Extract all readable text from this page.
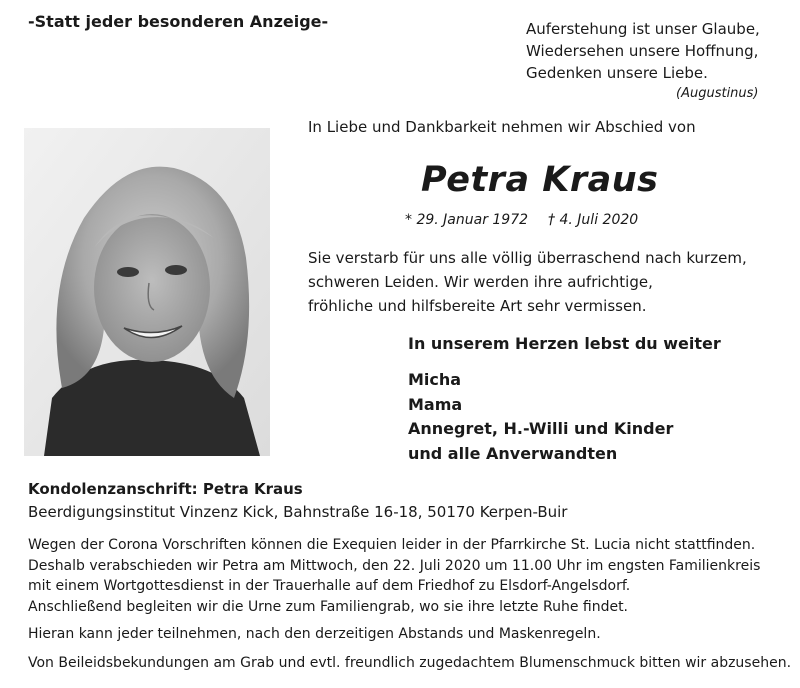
-Statt jeder besonderen Anzeige-	Auferstehung ist unser Glaube,
Wiedersehen unsere Hoffnung,
Gedenken unsere Liebe.
(Augustinus)
In Liebe und Dankbarkeit nehmen wir Abschied von
Petra Kraus
* 29. Januar 1972 † 4. Juli 2020
Sie verstarb für uns alle völlig überraschend nach kurzem,
schweren Leiden. Wir werden ihre aufrichtige,
fröhliche und hilfsbereite Art sehr vermissen.
In unserem Herzen lebst du weiter
Micha
Mama
Annegret, H.-Willi und Kinder
und alle Anverwandten
Kondolenzanschrift: Petra Kraus
Beerdigungsinstitut Vinzenz Kick, Bahnstraße 16-18, 50170 Kerpen-Buir
Wegen der Corona Vorschriften können die Exequien leider in der Pfarrkirche St. Lucia nicht stattfinden.
Deshalb verabschieden wir Petra am Mittwoch, den 22. Juli 2020 um 11.00 Uhr im engsten Familienkreis
mit einem Wortgottesdienst in der Trauerhalle auf dem Friedhof zu Elsdorf-Angelsdorf.
Anschließend begleiten wir die Urne zum Familiengrab, wo sie ihre letzte Ruhe findet.
Hieran kann jeder teilnehmen, nach den derzeitigen Abstands und Maskenregeln.
Von Beileidsbekundungen am Grab und evtl. freundlich zugedachtem Blumenschmuck bitten wir abzusehen.
